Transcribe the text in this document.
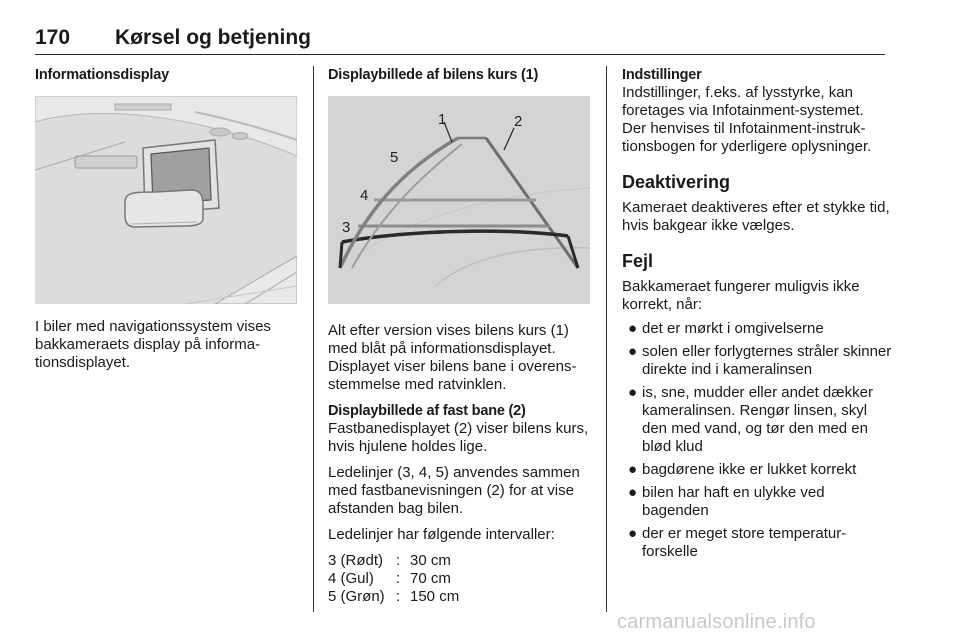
170 Kørsel og betjening
Informationsdisplay

I biler med navigationssystem vises bakkameraets display på informationsdisplayet.

Displaybillede af bilens kurs (1)
1	2
5
4
3

Alt efter version vises bilens kurs (1) med blåt på informationsdisplayet. Displayet viser bilens bane i overensstemmelse med ratvinklen.

Displaybillede af fast bane (2)

Fastbanedisplayet (2) viser bilens kurs, hvis hjulene holdes lige.

Ledelinjer (3, 4, 5) anvendes sammen med fastbanevisningen (2) for at vise afstanden bag bilen.

Ledelinjer har følgende intervaller:

3 (Rødt) : 30 cm
4 (Gul)	: 70 cm
5 (Grøn) : 150 cm
Indstillinger

Indstillinger, f.eks. af lysstyrke, kan foretages via Infotainment-systemet. Der henvises til Infotainment-instruktionsbogen for yderligere oplysninger.

Deaktivering

Kameraet deaktiveres efter et stykke tid, hvis bakgear ikke vælges.

Fejl

Bakkameraet fungerer muligvis ikke korrekt, når:

● det er mørkt i omgivelserne
● solen eller forlygternes stråler skinner direkte ind i kameralinsen
● is, sne, mudder eller andet dækker kameralinsen. Rengør linsen, skyl den med vand, og tør den med en blød klud
● bagdørene ikke er lukket korrekt
● bilen har haft en ulykke ved bagenden
● der er meget store temperaturforskelle
carmanualsonline.info
